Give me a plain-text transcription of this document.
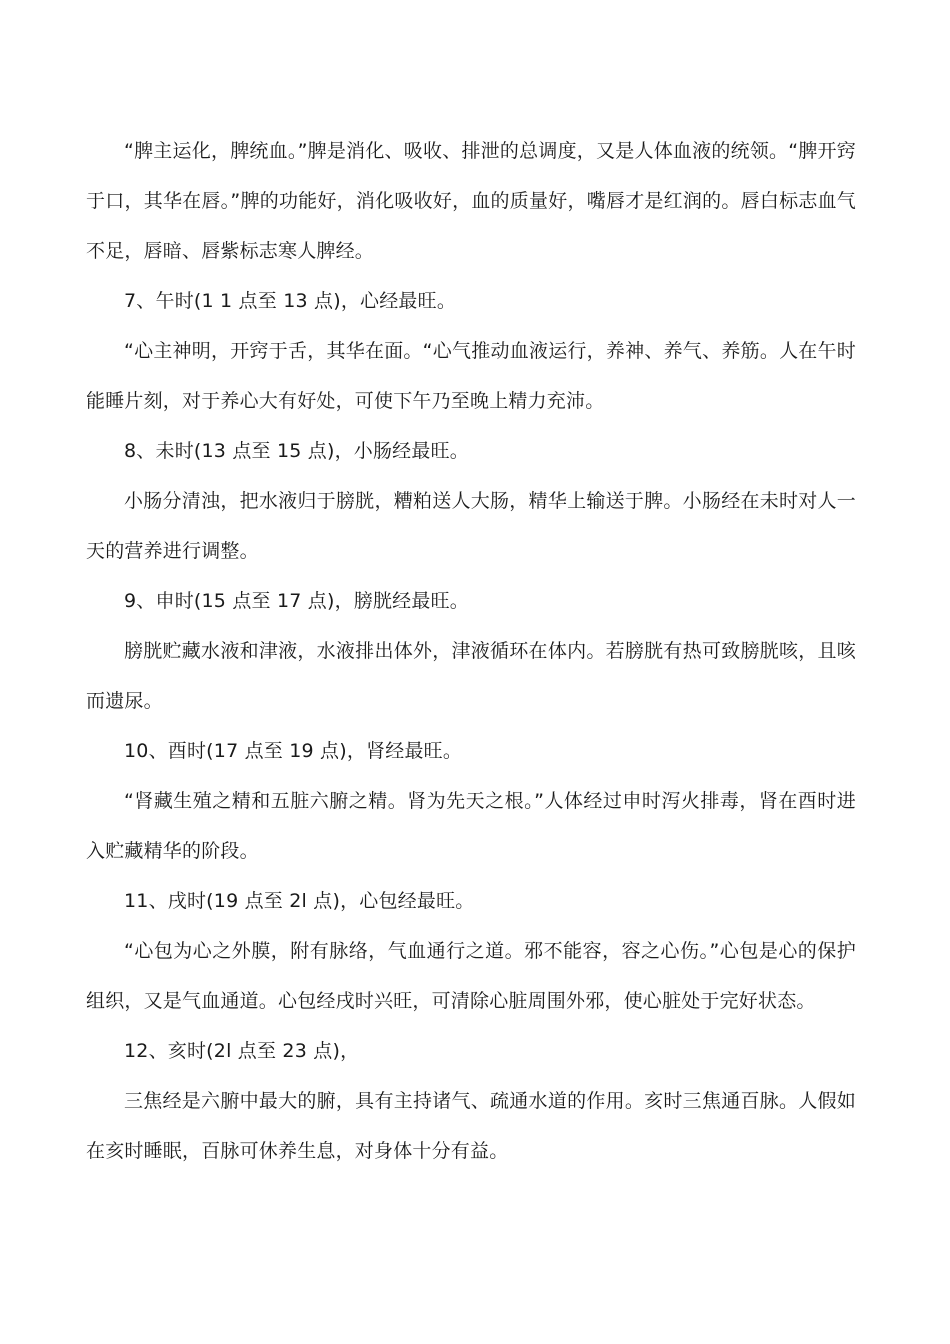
“脾主运化，脾统血。”脾是消化、吸收、排泄的总调度，又是人体血液的统领。“脾开窍于口，其华在唇。”脾的功能好，消化吸收好，血的质量好，嘴唇才是红润的。唇白标志血气不足，唇暗、唇紫标志寒人脾经。

7、午时(1 1 点至 13 点)，心经最旺。

“心主神明，开窍于舌，其华在面。“心气推动血液运行，养神、养气、养筋。人在午时能睡片刻，对于养心大有好处，可使下午乃至晚上精力充沛。

8、未时(13 点至 15 点)，小肠经最旺。

小肠分清浊，把水液归于膀胱，糟粕送人大肠，精华上输送于脾。小肠经在未时对人一天的营养进行调整。

9、申时(15 点至 17 点)，膀胱经最旺。

膀胱贮藏水液和津液，水液排出体外，津液循环在体内。若膀胱有热可致膀胱咳，且咳而遗尿。

10、酉时(17 点至 19 点)，肾经最旺。

“肾藏生殖之精和五脏六腑之精。肾为先天之根。”人体经过申时泻火排毒，肾在酉时进入贮藏精华的阶段。

11、戌时(19 点至 2l 点)，心包经最旺。

“心包为心之外膜，附有脉络，气血通行之道。邪不能容，容之心伤。”心包是心的保护组织，又是气血通道。心包经戌时兴旺，可清除心脏周围外邪，使心脏处于完好状态。

12、亥时(2l 点至 23 点)，

三焦经是六腑中最大的腑，具有主持诸气、疏通水道的作用。亥时三焦通百脉。人假如在亥时睡眠，百脉可休养生息，对身体十分有益。
